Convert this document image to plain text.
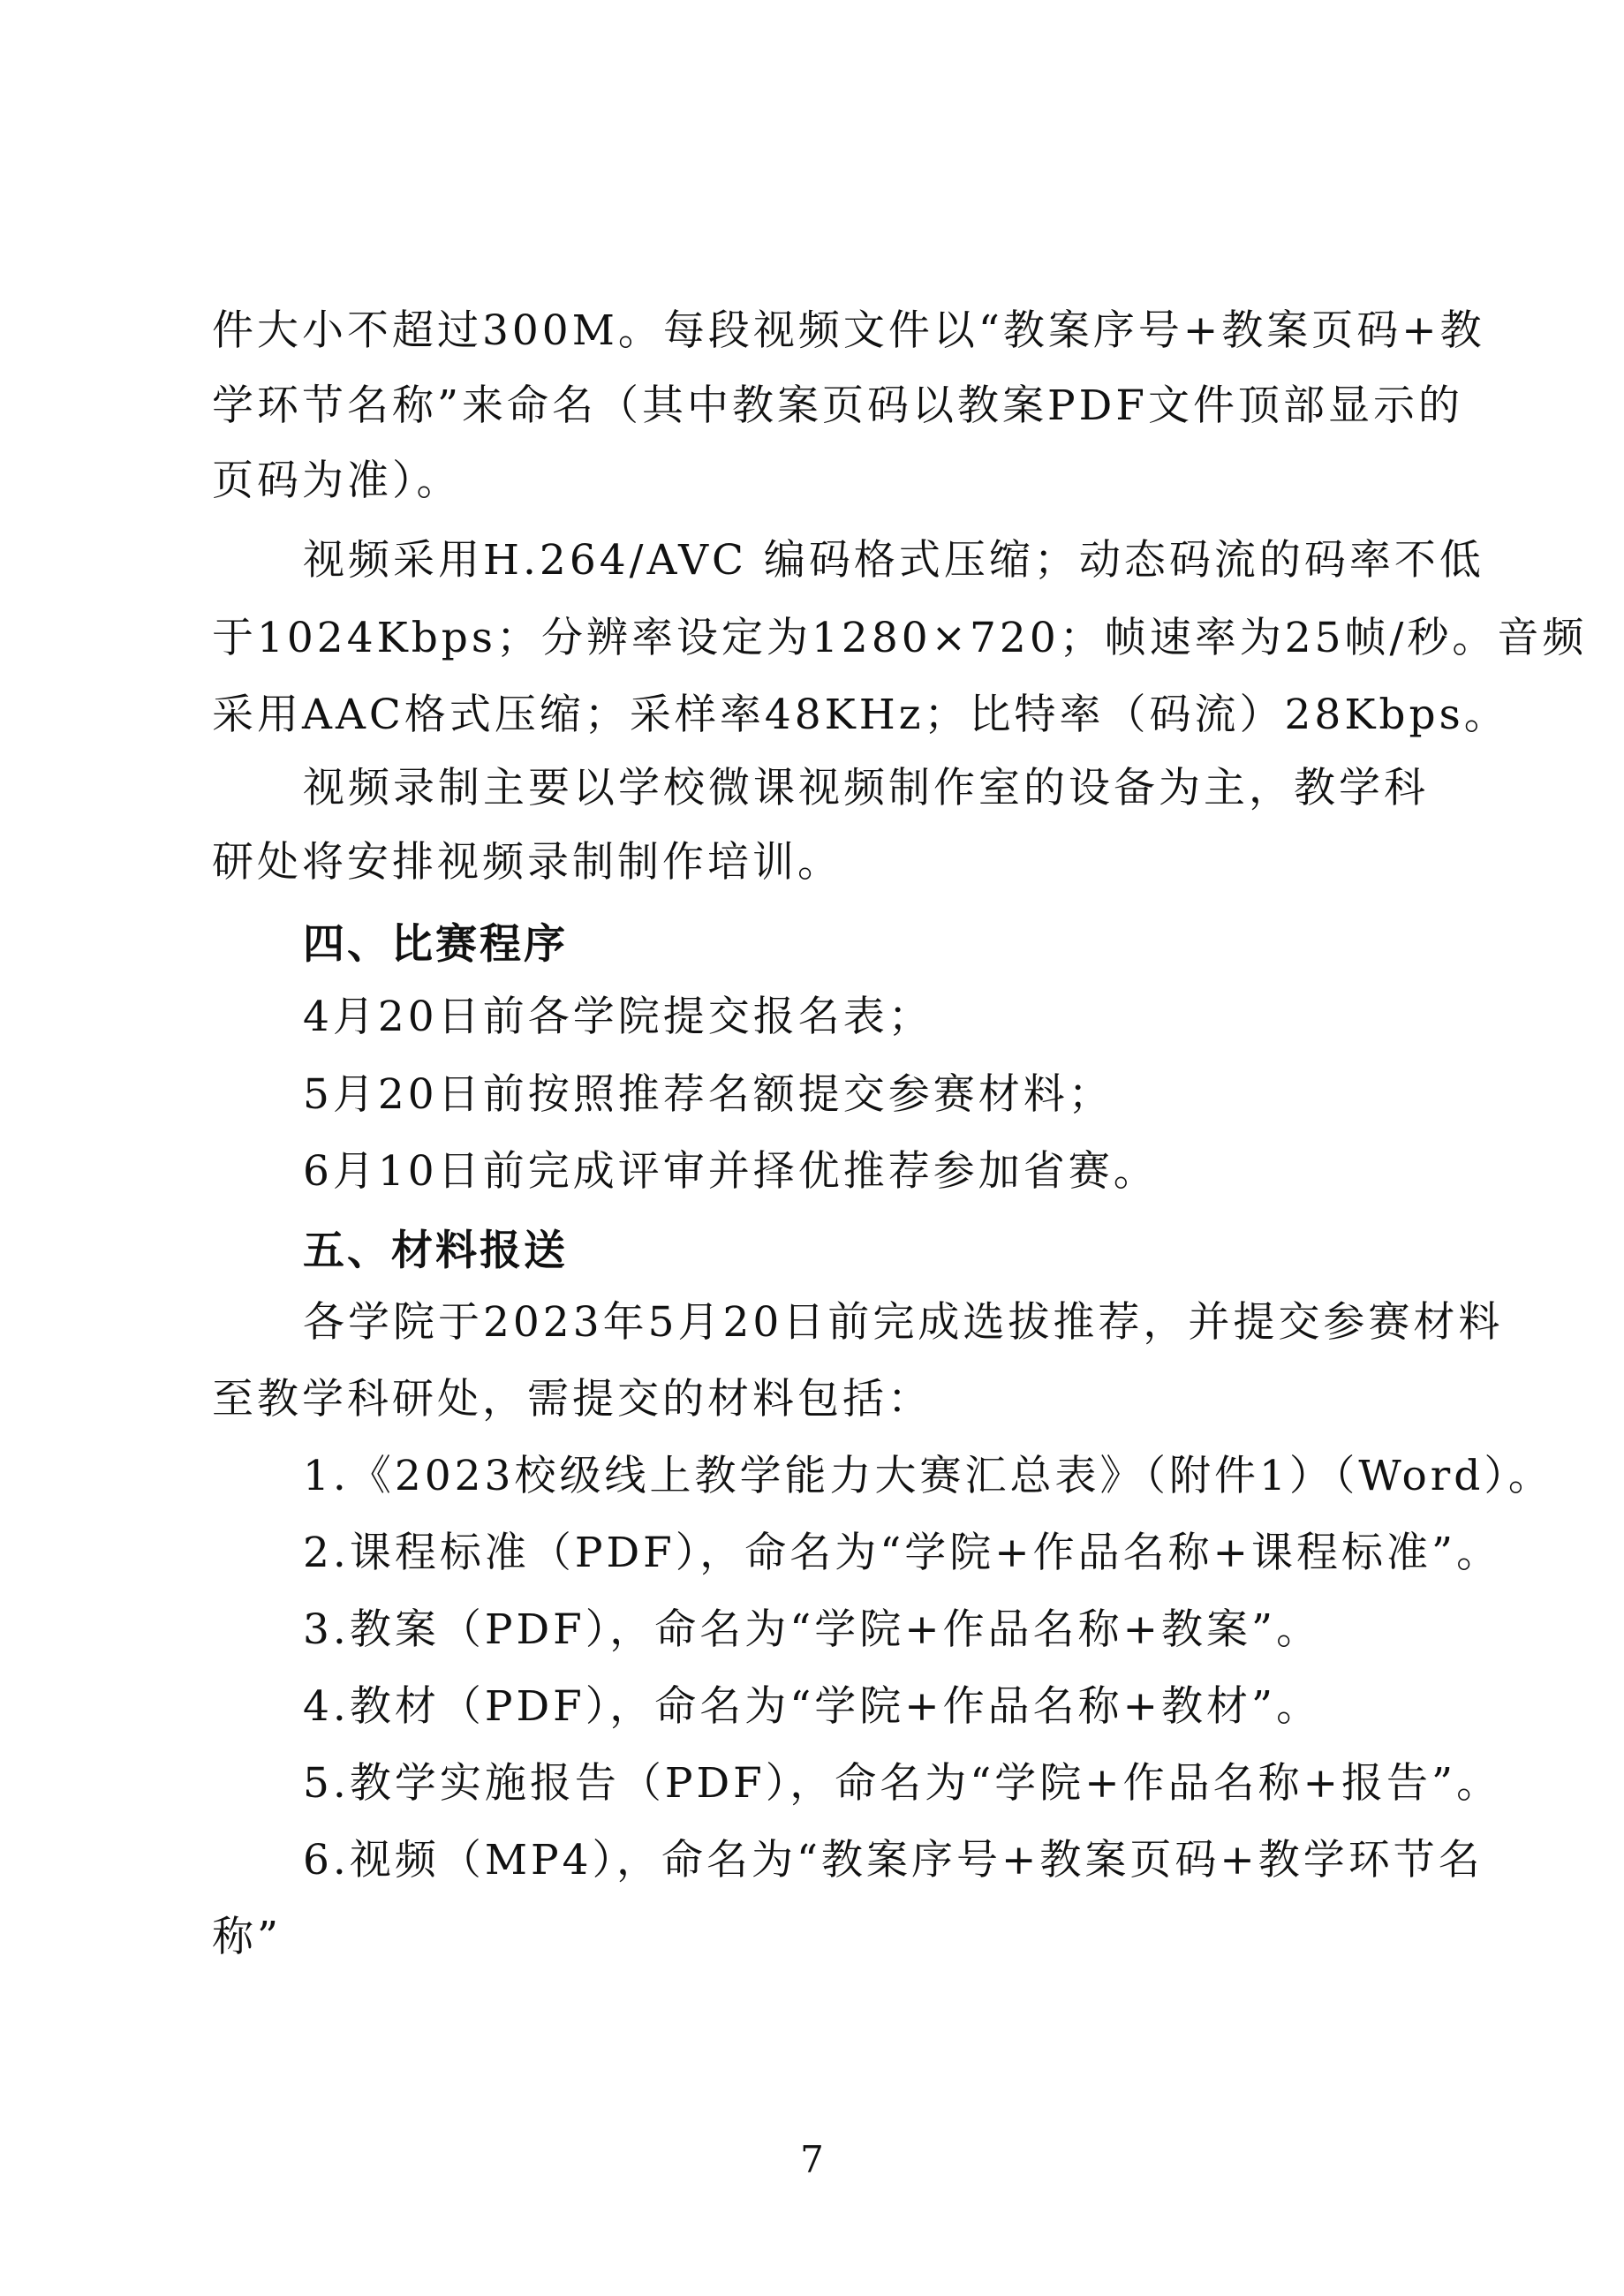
件大小不超过300M。每段视频文件以“教案序号+教案页码+教
学环节名称”来命名（其中教案页码以教案PDF文件顶部显示的
页码为准）。
视频采用H.264/AVC 编码格式压缩；动态码流的码率不低
于1024Kbps；分辨率设定为1280×720；帧速率为25帧/秒。音频
采用AAC格式压缩；采样率48KHz；比特率（码流）28Kbps。
视频录制主要以学校微课视频制作室的设备为主，教学科
研处将安排视频录制制作培训。
四、比赛程序
4月20日前各学院提交报名表；
5月20日前按照推荐名额提交参赛材料；
6月10日前完成评审并择优推荐参加省赛。
五、材料报送
各学院于2023年5月20日前完成选拔推荐，并提交参赛材料
至教学科研处，需提交的材料包括：
1.《2023校级线上教学能力大赛汇总表》（附件1）（Word）。
2.课程标准（PDF），命名为“学院+作品名称+课程标准”。
3.教案（PDF），命名为“学院+作品名称+教案”。
4.教材（PDF），命名为“学院+作品名称+教材”。
5.教学实施报告（PDF），命名为“学院+作品名称+报告”。
6.视频（MP4），命名为“教案序号+教案页码+教学环节名
称”
7
